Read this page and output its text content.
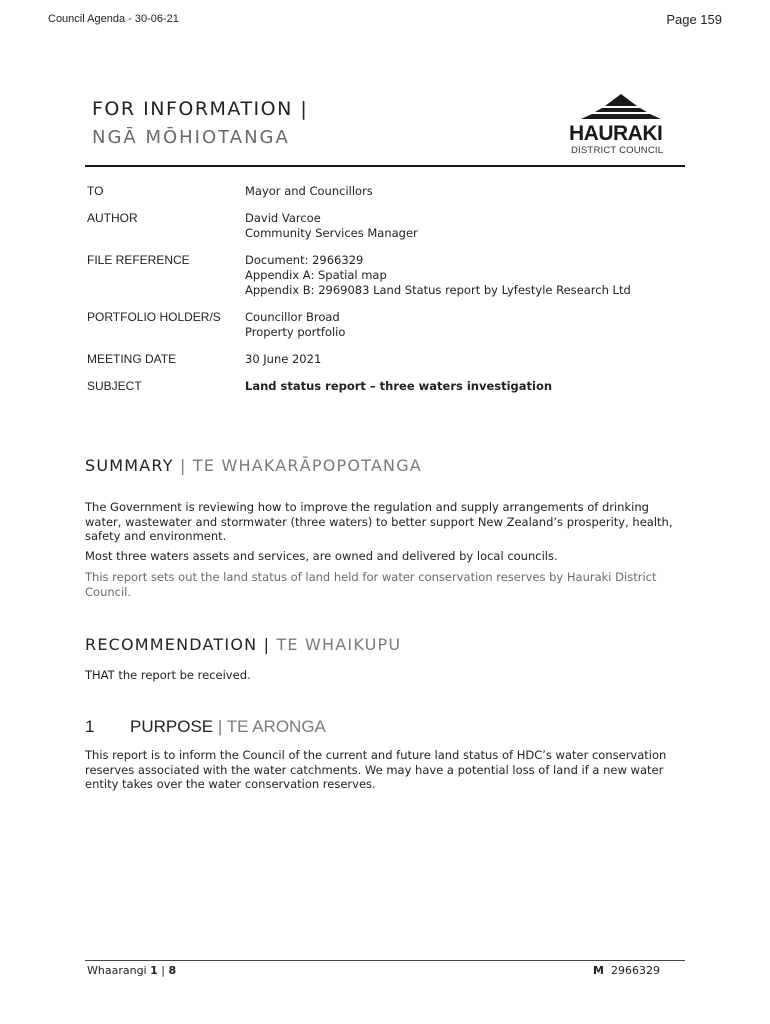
Council Agenda - 30-06-21	Page 159
FOR INFORMATION |
NGĀ MŌHIOTANGA	HAURAKI
DISTRICT COUNCIL
TO	Mayor and Councillors
AUTHOR	David Varcoe
Community Services Manager
FILE REFERENCE	Document: 2966329
Appendix A: Spatial map
Appendix B: 2969083 Land Status report by Lyfestyle Research Ltd
PORTFOLIO HOLDER/S	Councillor Broad
Property portfolio
MEETING DATE	30 June 2021
SUBJECT	Land status report – three waters investigation
SUMMARY | TE WHAKARĀPOPOTANGA
The Government is reviewing how to improve the regulation and supply arrangements of drinking water, wastewater and stormwater (three waters) to better support New Zealand’s prosperity, health, safety and environment.
Most three waters assets and services, are owned and delivered by local councils.
This report sets out the land status of land held for water conservation reserves by Hauraki District Council.
RECOMMENDATION | TE WHAIKUPU
THAT the report be received.
1 PURPOSE | TE ARONGA
This report is to inform the Council of the current and future land status of HDC’s water conservation reserves associated with the water catchments. We may have a potential loss of land if a new water entity takes over the water conservation reserves.
Whaarangi 1 | 8	M 2966329
